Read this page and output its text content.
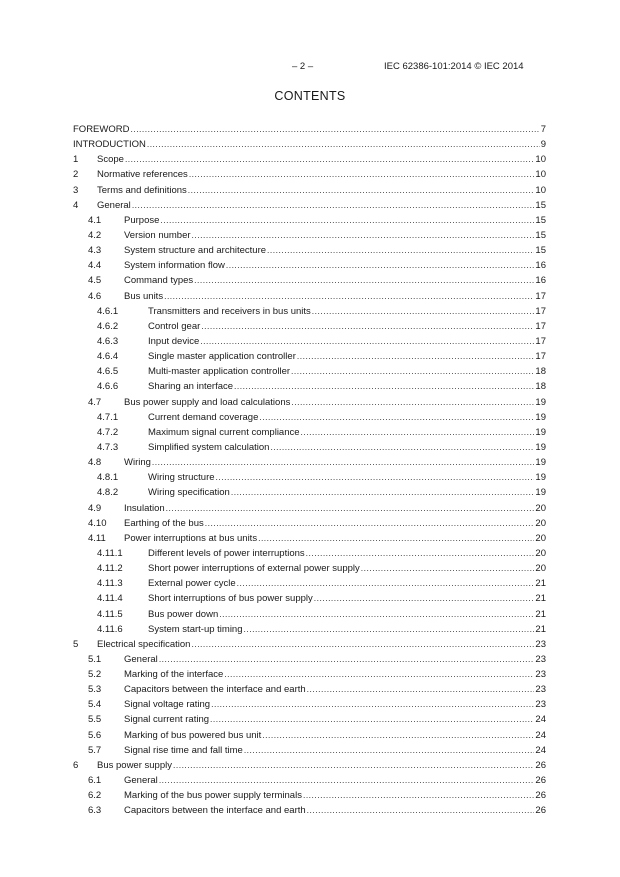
– 2 –	IEC 62386-101:2014 © IEC 2014
CONTENTS
FOREWORD .....	7
INTRODUCTION .....	9
1	Scope .....	10
2	Normative references .....	10
3	Terms and definitions .....	10
4	General .....	15
4.1	Purpose .....	15
4.2	Version number .....	15
4.3	System structure and architecture .....	15
4.4	System information flow .....	16
4.5	Command types .....	16
4.6	Bus units .....	17
4.6.1	Transmitters and receivers in bus units .....	17
4.6.2	Control gear .....	17
4.6.3	Input device .....	17
4.6.4	Single master application controller .....	17
4.6.5	Multi-master application controller .....	18
4.6.6	Sharing an interface .....	18
4.7	Bus power supply and load calculations .....	19
4.7.1	Current demand coverage .....	19
4.7.2	Maximum signal current compliance .....	19
4.7.3	Simplified system calculation .....	19
4.8	Wiring .....	19
4.8.1	Wiring structure .....	19
4.8.2	Wiring specification .....	19
4.9	Insulation .....	20
4.10	Earthing of the bus .....	20
4.11	Power interruptions at bus units .....	20
4.11.1	Different levels of power interruptions .....	20
4.11.2	Short power interruptions of external power supply .....	20
4.11.3	External power cycle .....	21
4.11.4	Short interruptions of bus power supply .....	21
4.11.5	Bus power down .....	21
4.11.6	System start-up timing .....	21
5	Electrical specification .....	23
5.1	General .....	23
5.2	Marking of the interface .....	23
5.3	Capacitors between the interface and earth .....	23
5.4	Signal voltage rating .....	23
5.5	Signal current rating .....	24
5.6	Marking of bus powered bus unit .....	24
5.7	Signal rise time and fall time .....	24
6	Bus power supply .....	26
6.1	General .....	26
6.2	Marking of the bus power supply terminals .....	26
6.3	Capacitors between the interface and earth .....	26
